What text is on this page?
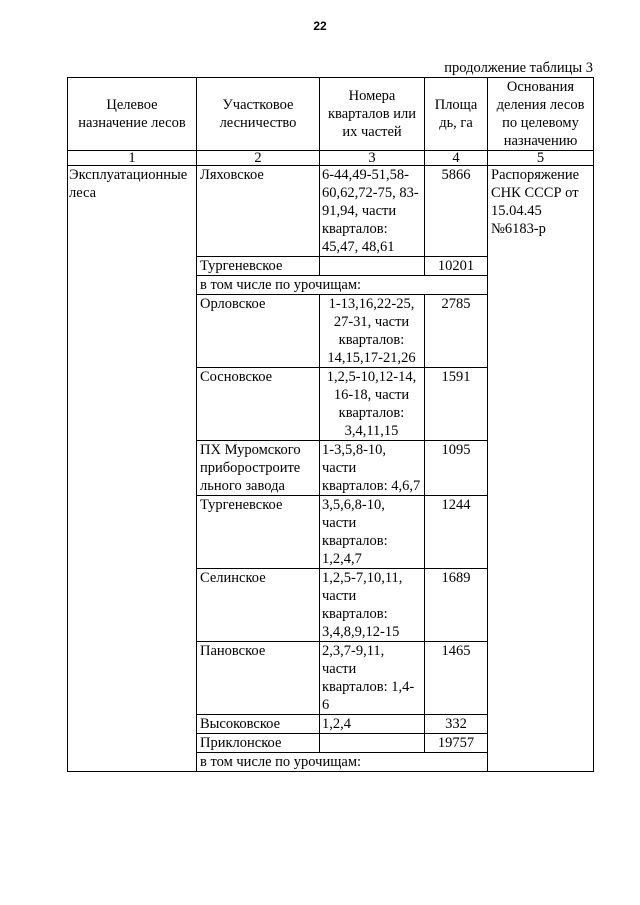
22
продолжение таблицы 3
Целевое назначение лесов	Участковое лесничество	Номера кварталов или их частей	Площа дь, га	Основания деления лесов по целевому назначению
1	2	3	4	5
Эксплуатационные леса	Ляховское	6-44,49-51,58-60,62,72-75, 83-91,94, части кварталов: 45,47, 48,61	5866	Распоряжение СНК СССР от 15.04.45 №6183-р
	Тургеневское		10201	
	в том числе по урочищам:			
	Орловское	1-13,16,22-25, 27-31, части кварталов: 14,15,17-21,26	2785	
	Сосновское	1,2,5-10,12-14, 16-18, части кварталов: 3,4,11,15	1591	
	ПХ Муромского приборостроите льного завода	1-3,5,8-10, части кварталов: 4,6,7	1095	
	Тургеневское	3,5,6,8-10, части кварталов: 1,2,4,7	1244	
	Селинское	1,2,5-7,10,11, части кварталов: 3,4,8,9,12-15	1689	
	Пановское	2,3,7-9,11, части кварталов: 1,4-6	1465	
	Высоковское	1,2,4	332	
	Приклонское		19757	
	в том числе по урочищам:			
